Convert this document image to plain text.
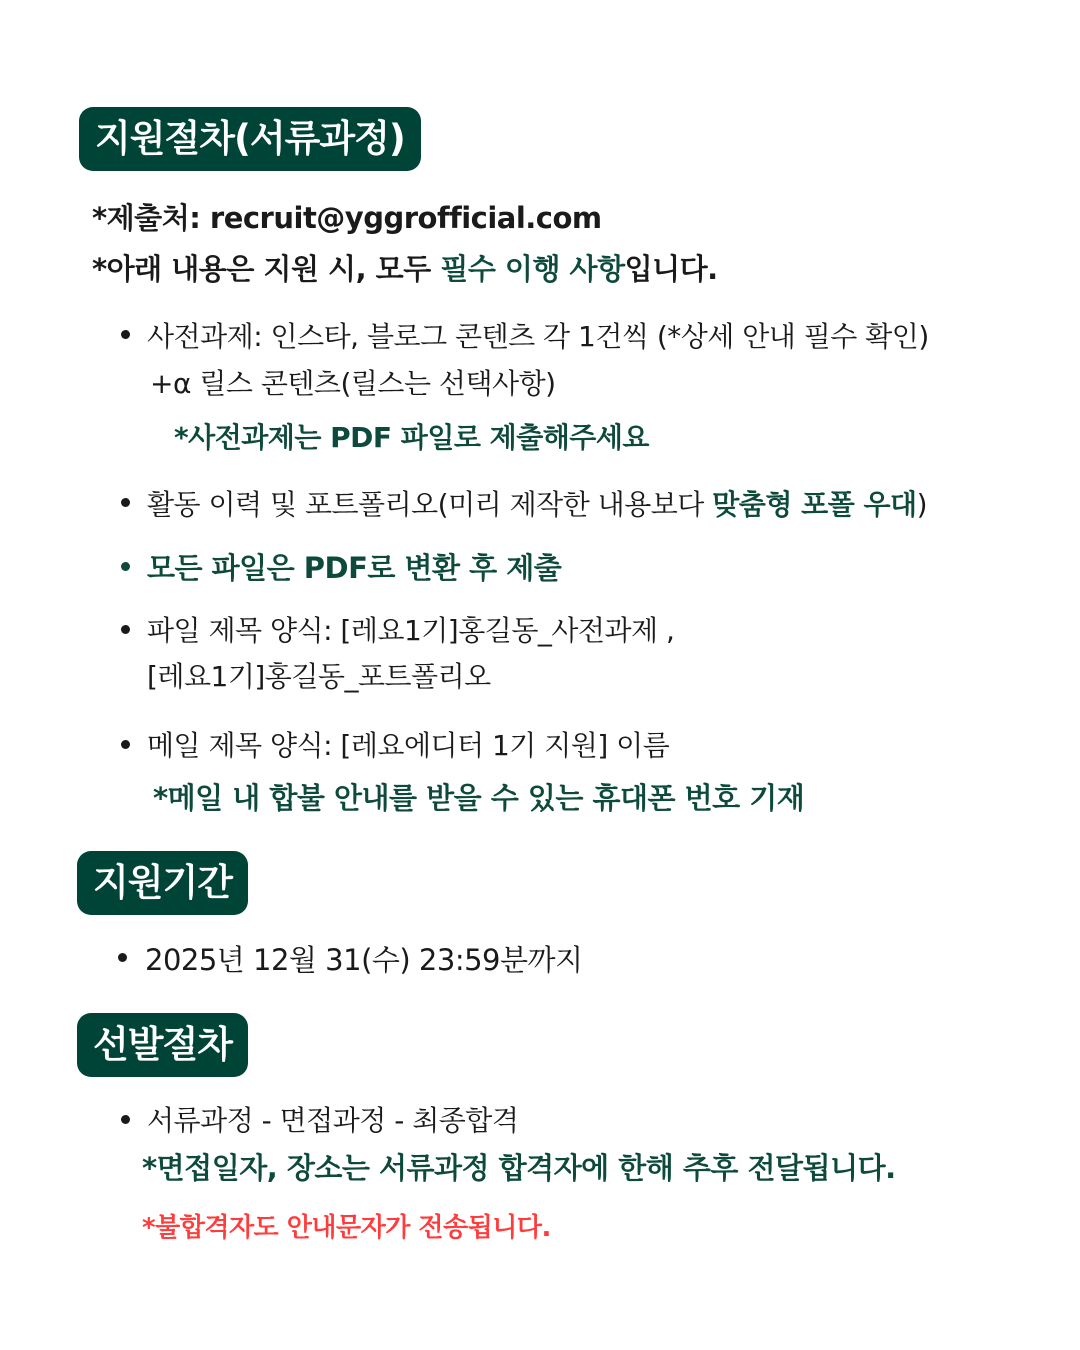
지원절차(서류과정)
*제출처: recruit@yggrofficial.com
*아래 내용은 지원 시, 모두 필수 이행 사항입니다.
사전과제: 인스타, 블로그 콘텐츠 각 1건씩 (*상세 안내 필수 확인)
+α 릴스 콘텐츠(릴스는 선택사항)
*사전과제는 PDF 파일로 제출해주세요
활동 이력 및 포트폴리오(미리 제작한 내용보다 맞춤형 포폴 우대)
모든 파일은 PDF로 변환 후 제출
파일 제목 양식: [레요1기]홍길동_사전과제 ,
[레요1기]홍길동_포트폴리오
메일 제목 양식: [레요에디터 1기 지원] 이름
*메일 내 합불 안내를 받을 수 있는 휴대폰 번호 기재
지원기간
2025년 12월 31(수) 23:59분까지
선발절차
서류과정 - 면접과정 - 최종합격
*면접일자, 장소는 서류과정 합격자에 한해 추후 전달됩니다.
*불합격자도 안내문자가 전송됩니다.
